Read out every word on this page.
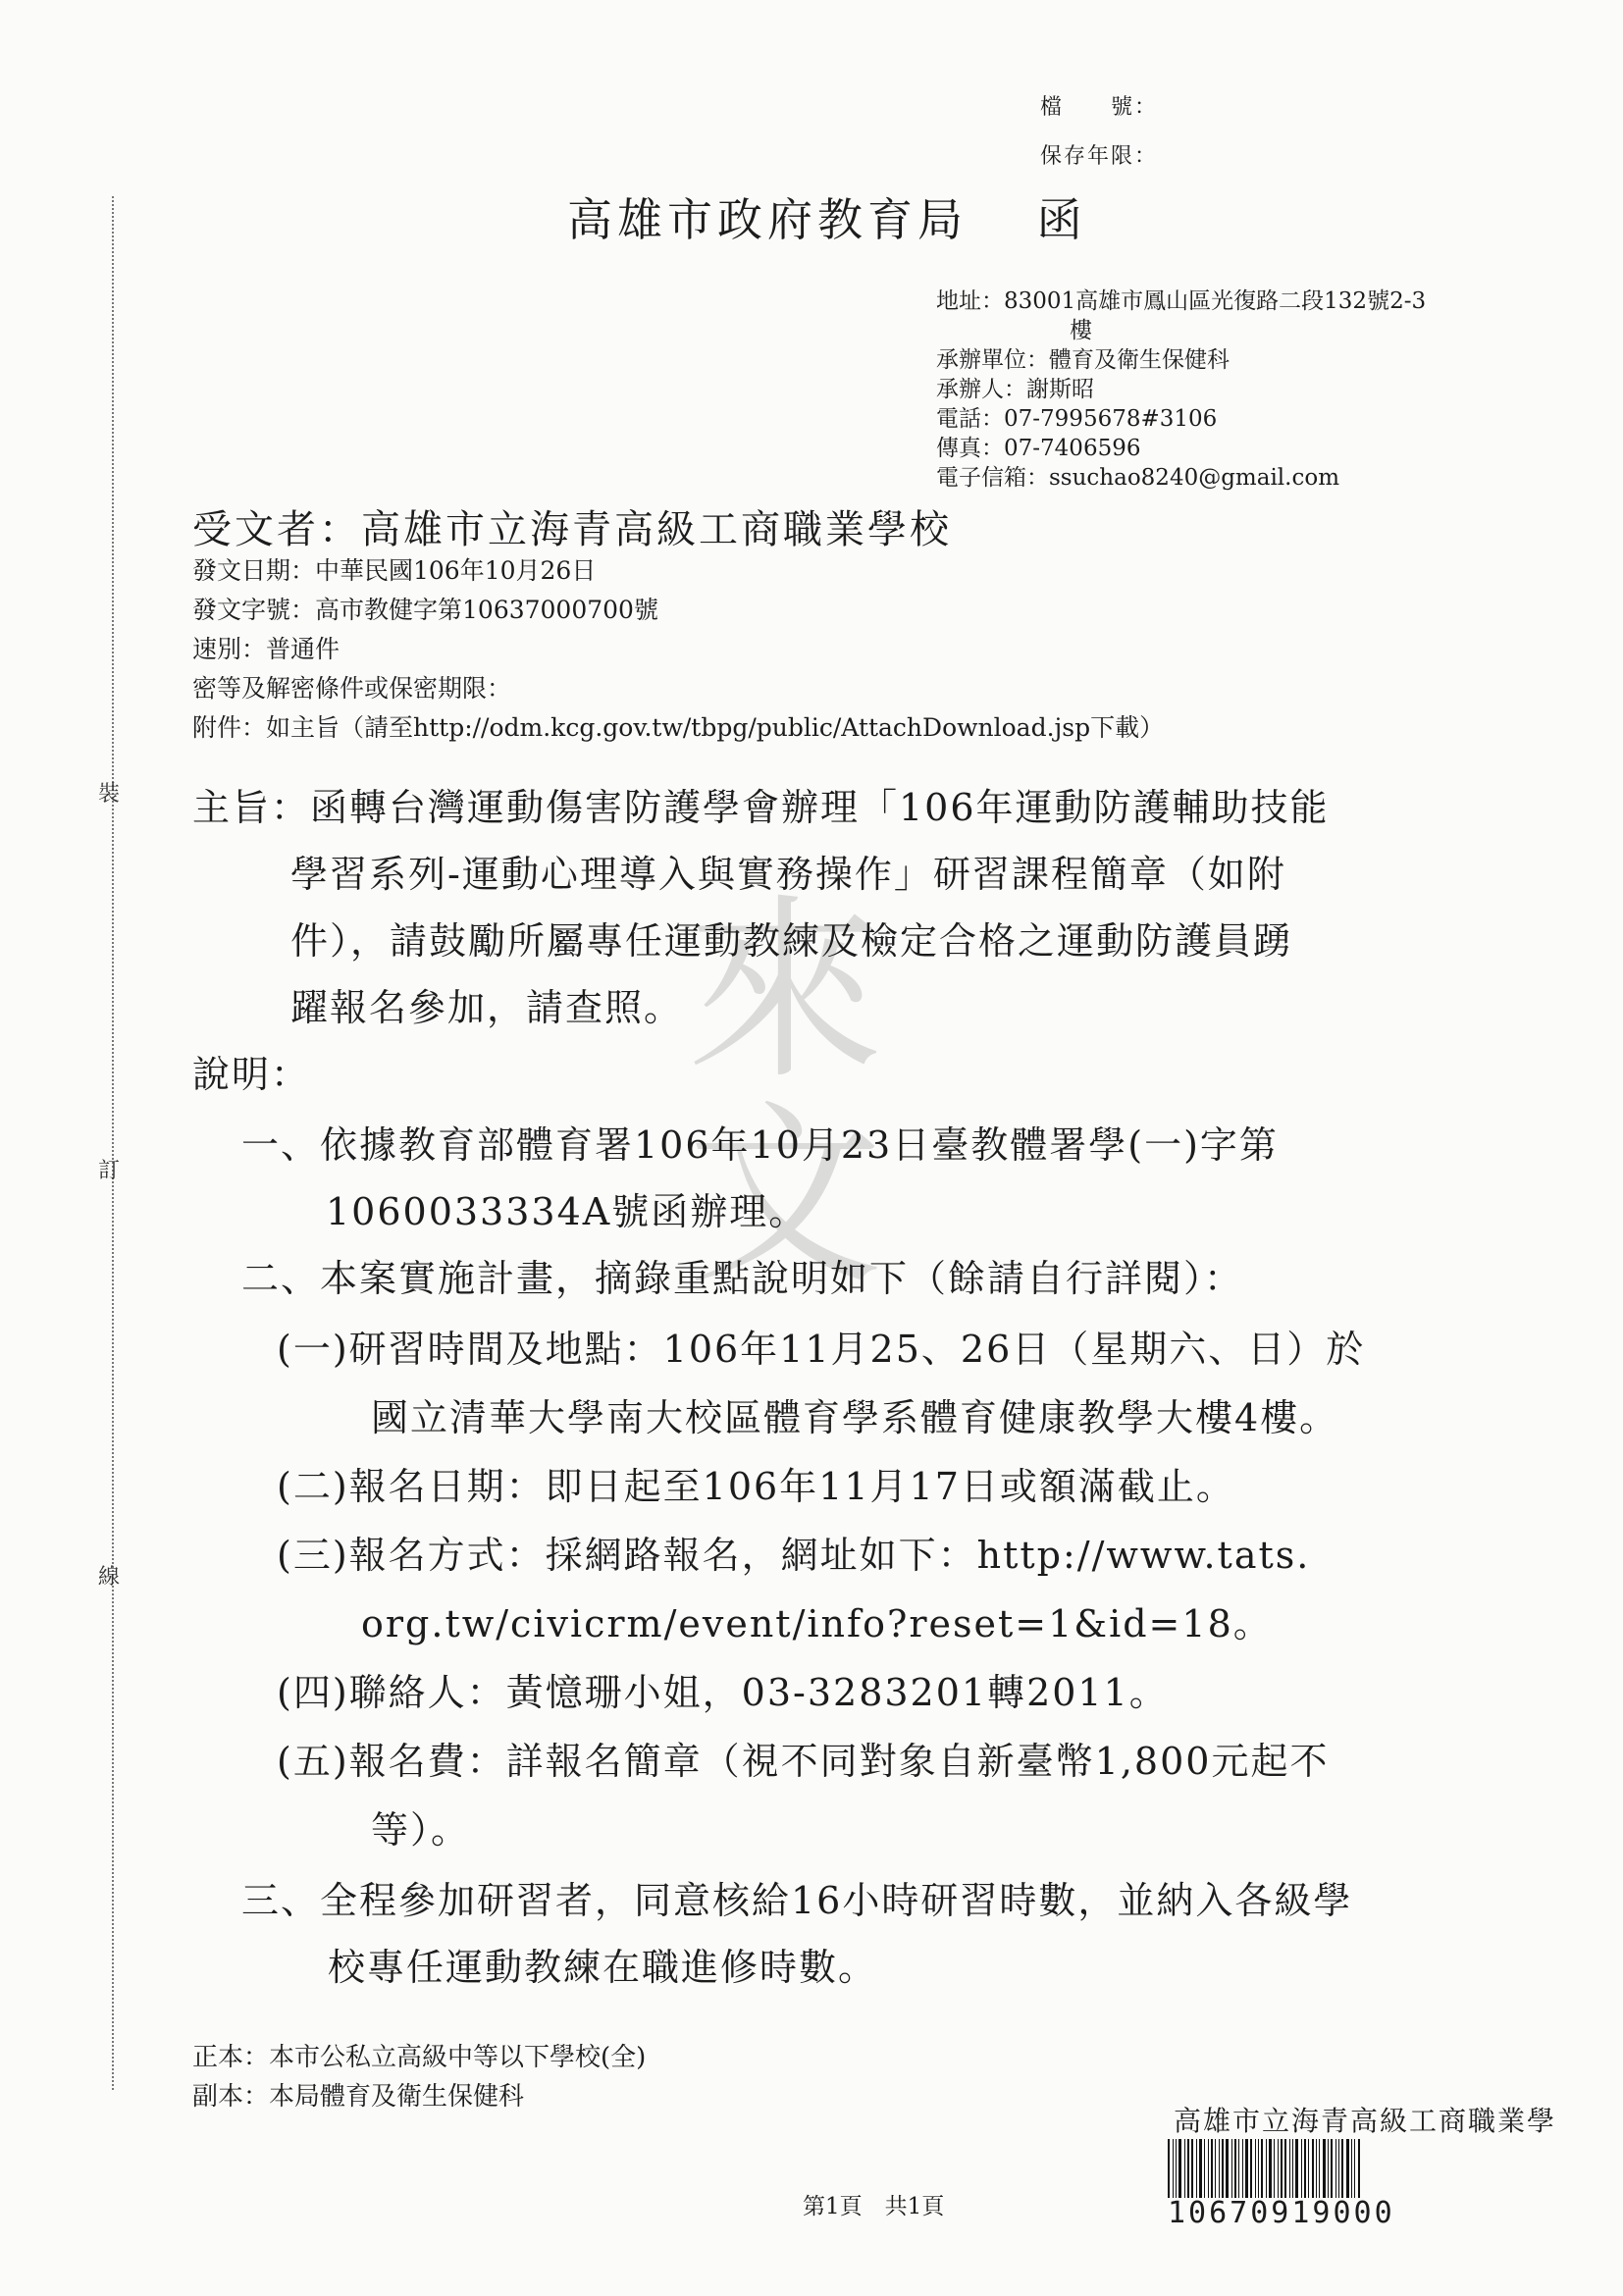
裝
訂
線
檔　　號：
保存年限：
高雄市政府教育局　 函
地址：83001高雄市鳳山區光復路二段132號2-3
樓
承辦單位：體育及衛生保健科
承辦人：謝斯昭
電話：07-7995678#3106
傳真：07-7406596
電子信箱：ssuchao8240@gmail.com
受文者：高雄市立海青高級工商職業學校
發文日期：中華民國106年10月26日
發文字號：高市教健字第10637000700號
速別：普通件
密等及解密條件或保密期限：
附件：如主旨（請至http://odm.kcg.gov.tw/tbpg/public/AttachDownload.jsp下載）
來
文
主旨：函轉台灣運動傷害防護學會辦理「106年運動防護輔助技能
學習系列-運動心理導入與實務操作」研習課程簡章（如附
件），請鼓勵所屬專任運動教練及檢定合格之運動防護員踴
躍報名參加，請查照。
說明：
一、依據教育部體育署106年10月23日臺教體署學(一)字第
1060033334A號函辦理。
二、本案實施計畫，摘錄重點說明如下（餘請自行詳閱）：
(一)研習時間及地點：106年11月25、26日（星期六、日）於
國立清華大學南大校區體育學系體育健康教學大樓4樓。
(二)報名日期：即日起至106年11月17日或額滿截止。
(三)報名方式：採網路報名，網址如下：http://www.tats.
org.tw/civicrm/event/info?reset=1&id=18。
(四)聯絡人：黃憶珊小姐，03-3283201轉2011。
(五)報名費：詳報名簡章（視不同對象自新臺幣1,800元起不
等）。
三、全程參加研習者，同意核給16小時研習時數，並納入各級學
校專任運動教練在職進修時數。
正本：本市公私立高級中等以下學校(全)
副本：本局體育及衛生保健科
第1頁　共1頁
高雄市立海青高級工商職業學
10670919000
